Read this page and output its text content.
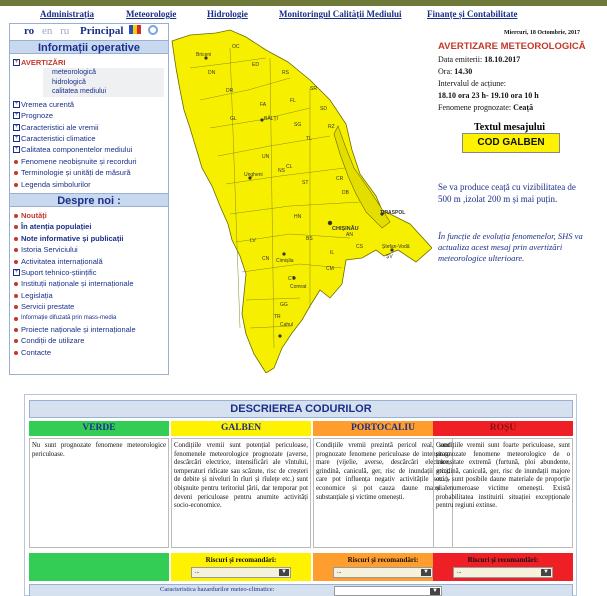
Administrația	Meteorologie	Hidrologie	Monitoringul Calității Mediului	Finanțe și Contabilitate
ro en ru Principal
Informații operative
+ AVERTIZĂRI
meteorologică
hidrologică
calitatea mediului
+ Vremea curentă
+ Prognoze
+ Caracteristici ale vremii
+ Caracteristici climatice
+ Calitatea componentelor mediului
Fenomene neobișnuite și recorduri
Terminologie și unități de măsură
Legenda simbolurilor
Despre noi :
Noutăți
În atenția populației
Note informative și publicații
Istoria Serviciului
Activitatea internațională
+ Suport tehnico-științific
Instituții naționale și internaționale
Legislația
Servicii prestate
Informație difuzată prin mass-media
Proiecte naționale și internaționale
Condiții de utilizare
Contacte
OC
Briceni
ED
DN	RS
SR
FL
DR
FA
SD
GL	BĂLȚI
SG	RZ
TL
ST
UN
NS
CL
CR
DB
AN
CHIȘINĂU
HN
IL
CM
BS
TIRASPOL
ȘV
LV
CN
CT
Comrat
CS
GG
Cahul
TR
Ungheni
Cimișlia
Ștefan-Vodă
Miercuri, 18 Octombrie, 2017
AVERTIZARE METEOROLOGICĂ
Data emiterii: 18.10.2017
Ora: 14.30
Intervalul de acțiune:
18.10 ora 23 h- 19.10 ora 10 h
Fenomene prognozate: Ceață
Textul mesajului
COD GALBEN
Se va produce ceață cu vizibilitatea de 500 m ,izolat 200 m și mai puțin.
În funcție de evoluția fenomenelor, SHS va actualiza acest mesaj prin avertizări meteorologice ulterioare.
DESCRIEREA CODURILOR
VERDE
Nu sunt prognozate fenomene meteorologice periculoase.
GALBEN
Condițiile vremii sunt potențial periculoase, fenomenele meteorologice prognozate (averse, descărcări electrice, intensificări ale vîntului, temperaturi ridicate sau scăzute, risc de creșteri de debite și niveluri în rîuri și rîulețe etc.) sunt obișnuite pentru teritoriul țării, dar temporar pot deveni periculoase pentru anumite activități socio-economice.
Riscuri și recomandări:
...	▼
PORTOCALIU
Condițiile vremii prezintă pericol real, sunt prognozate fenomene periculoase de intensitate mare (vijelie, averse, descărcări electrice, grindină, caniculă, ger, risc de inundații etc.), care pot influența negativ activitățile socio-economice și pot cauza daune materiale substanțiale și victime omenești.
Riscuri și recomandări:
...	▼
ROȘU
Condițiile vremii sunt foarte periculoase, sunt prognozate fenomene meteorologice de o intensitate extremă (furtună, ploi abundente, grindină, caniculă, ger, risc de inundații majore etc.), sunt posibile daune materiale de proporție și numeroase victime omenești. Există probabilitatea instituirii situației excepționale pentru regiuni extinse.
Riscuri și recomandări:
...	▼
Caracteristica hazardurilor meteo-climatice:	▼
